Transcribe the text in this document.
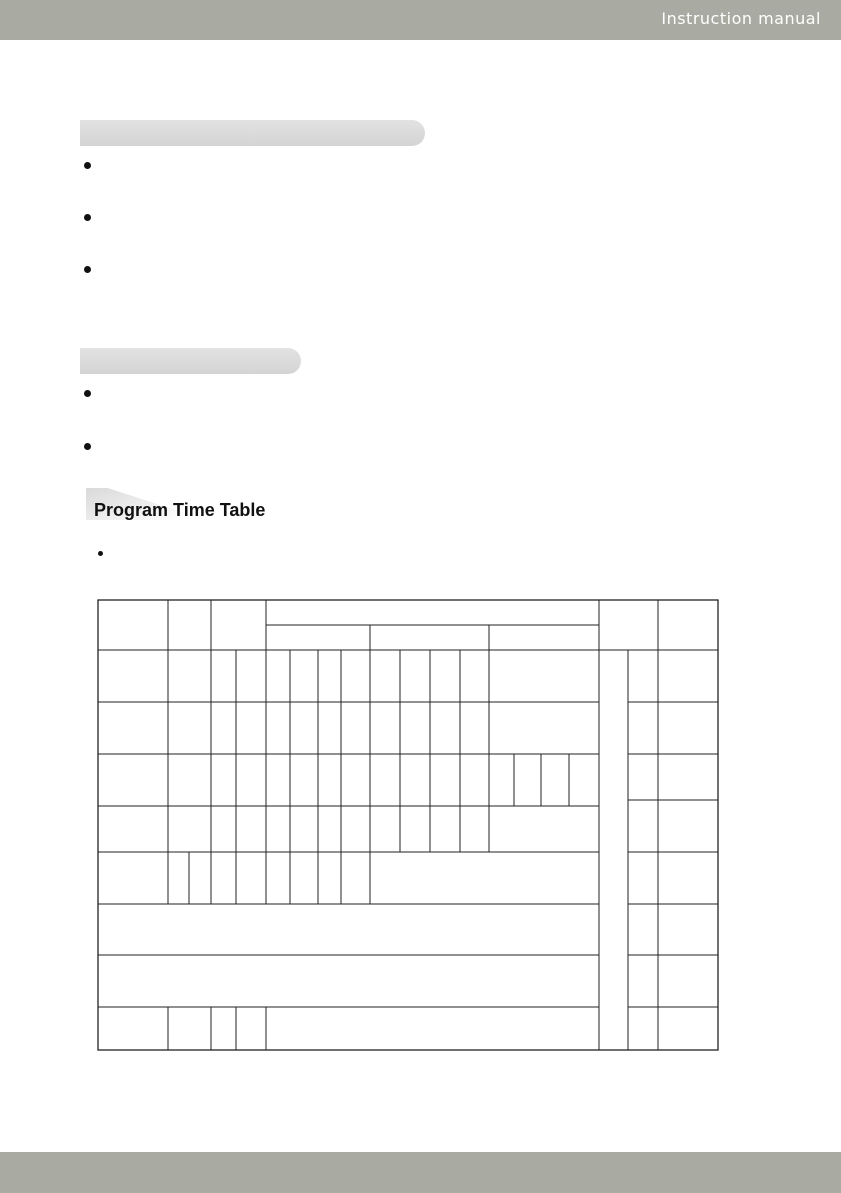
Instruction manual
Program Time Table
